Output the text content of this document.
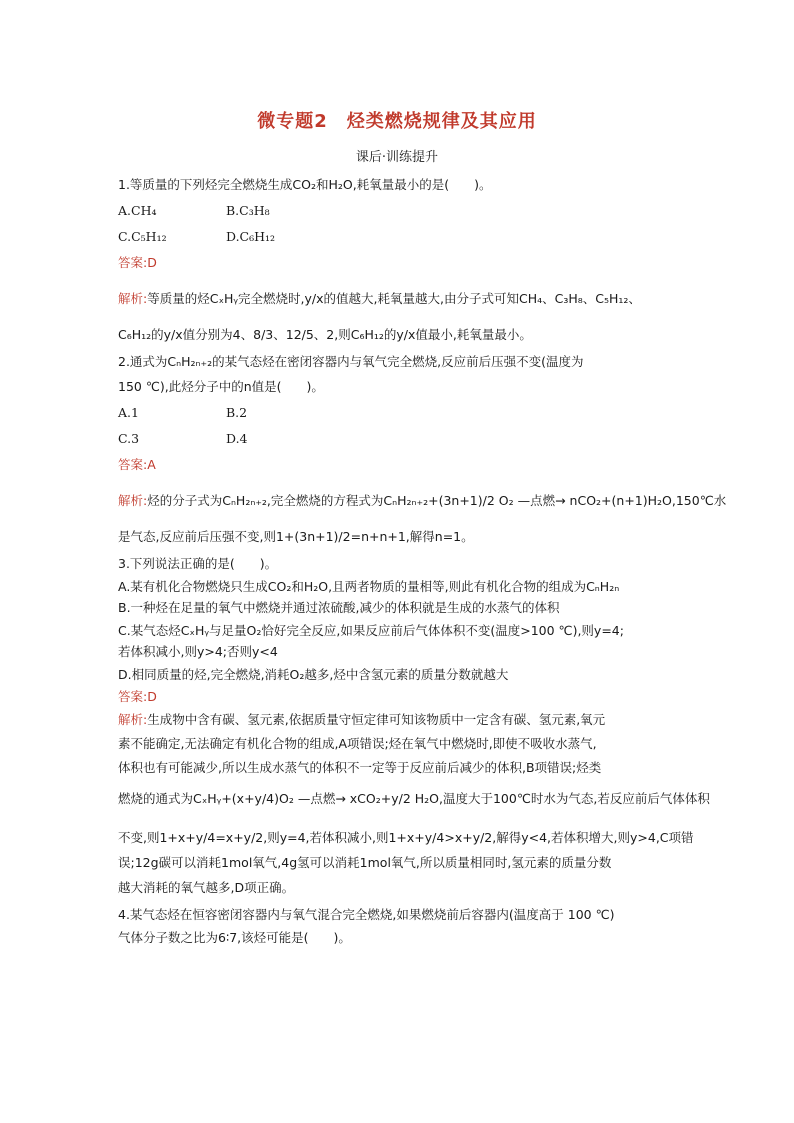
微专题2　烃类燃烧规律及其应用
课后·训练提升
1.等质量的下列烃完全燃烧生成CO₂和H₂O,耗氧量最小的是(　　)。
A.CH₄	B.C₃H₈
C.C₅H₁₂	D.C₆H₁₂
答案:D
解析:等质量的烃CₓHᵧ完全燃烧时,y/x的值越大,耗氧量越大,由分子式可知CH₄、C₃H₈、C₅H₁₂、
C₆H₁₂的y/x值分别为4、8/3、12/5、2,则C₆H₁₂的y/x值最小,耗氧量最小。
2.通式为CₙH₂ₙ₊₂的某气态烃在密闭容器内与氧气完全燃烧,反应前后压强不变(温度为
150 ℃),此烃分子中的n值是(　　)。
A.1	B.2
C.3	D.4
答案:A
解析:烃的分子式为CₙH₂ₙ₊₂,完全燃烧的方程式为CₙH₂ₙ₊₂+(3n+1)/2 O₂ —点燃→ nCO₂+(n+1)H₂O,150℃水
是气态,反应前后压强不变,则1+(3n+1)/2=n+n+1,解得n=1。
3.下列说法正确的是(　　)。
A.某有机化合物燃烧只生成CO₂和H₂O,且两者物质的量相等,则此有机化合物的组成为CₙH₂ₙ
B.一种烃在足量的氧气中燃烧并通过浓硫酸,减少的体积就是生成的水蒸气的体积
C.某气态烃CₓHᵧ与足量O₂恰好完全反应,如果反应前后气体体积不变(温度>100 ℃),则y=4;
若体积减小,则y>4;否则y<4
D.相同质量的烃,完全燃烧,消耗O₂越多,烃中含氢元素的质量分数就越大
答案:D
解析:生成物中含有碳、氢元素,依据质量守恒定律可知该物质中一定含有碳、氢元素,氧元
素不能确定,无法确定有机化合物的组成,A项错误;烃在氧气中燃烧时,即使不吸收水蒸气,
体积也有可能减少,所以生成水蒸气的体积不一定等于反应前后减少的体积,B项错误;烃类
燃烧的通式为CₓHᵧ+(x+y/4)O₂ —点燃→ xCO₂+y/2 H₂O,温度大于100℃时水为气态,若反应前后气体体积
不变,则1+x+y/4=x+y/2,则y=4,若体积减小,则1+x+y/4>x+y/2,解得y<4,若体积增大,则y>4,C项错
误;12g碳可以消耗1mol氧气,4g氢可以消耗1mol氧气,所以质量相同时,氢元素的质量分数
越大消耗的氧气越多,D项正确。
4.某气态烃在恒容密闭容器内与氧气混合完全燃烧,如果燃烧前后容器内(温度高于 100 ℃)
气体分子数之比为6∶7,该烃可能是(　　)。
